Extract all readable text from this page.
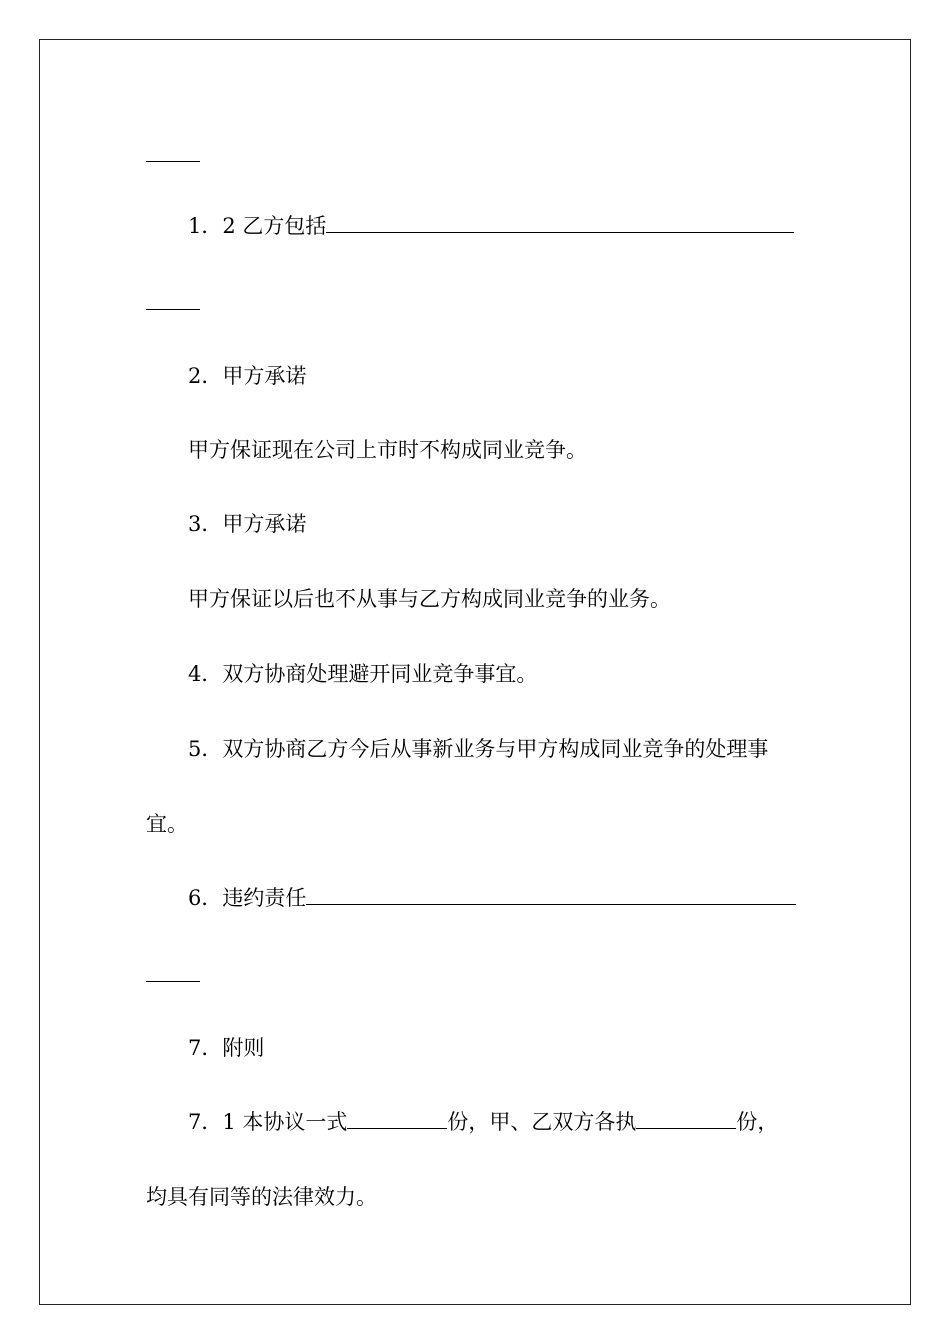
1．2 乙方包括
2．甲方承诺
甲方保证现在公司上市时不构成同业竞争。
3．甲方承诺
甲方保证以后也不从事与乙方构成同业竞争的业务。
4．双方协商处理避开同业竞争事宜。
5．双方协商乙方今后从事新业务与甲方构成同业竞争的处理事
宜。
6．违约责任
7．附则
7．1 本协议一式	份，甲、乙双方各执	份，
均具有同等的法律效力。
